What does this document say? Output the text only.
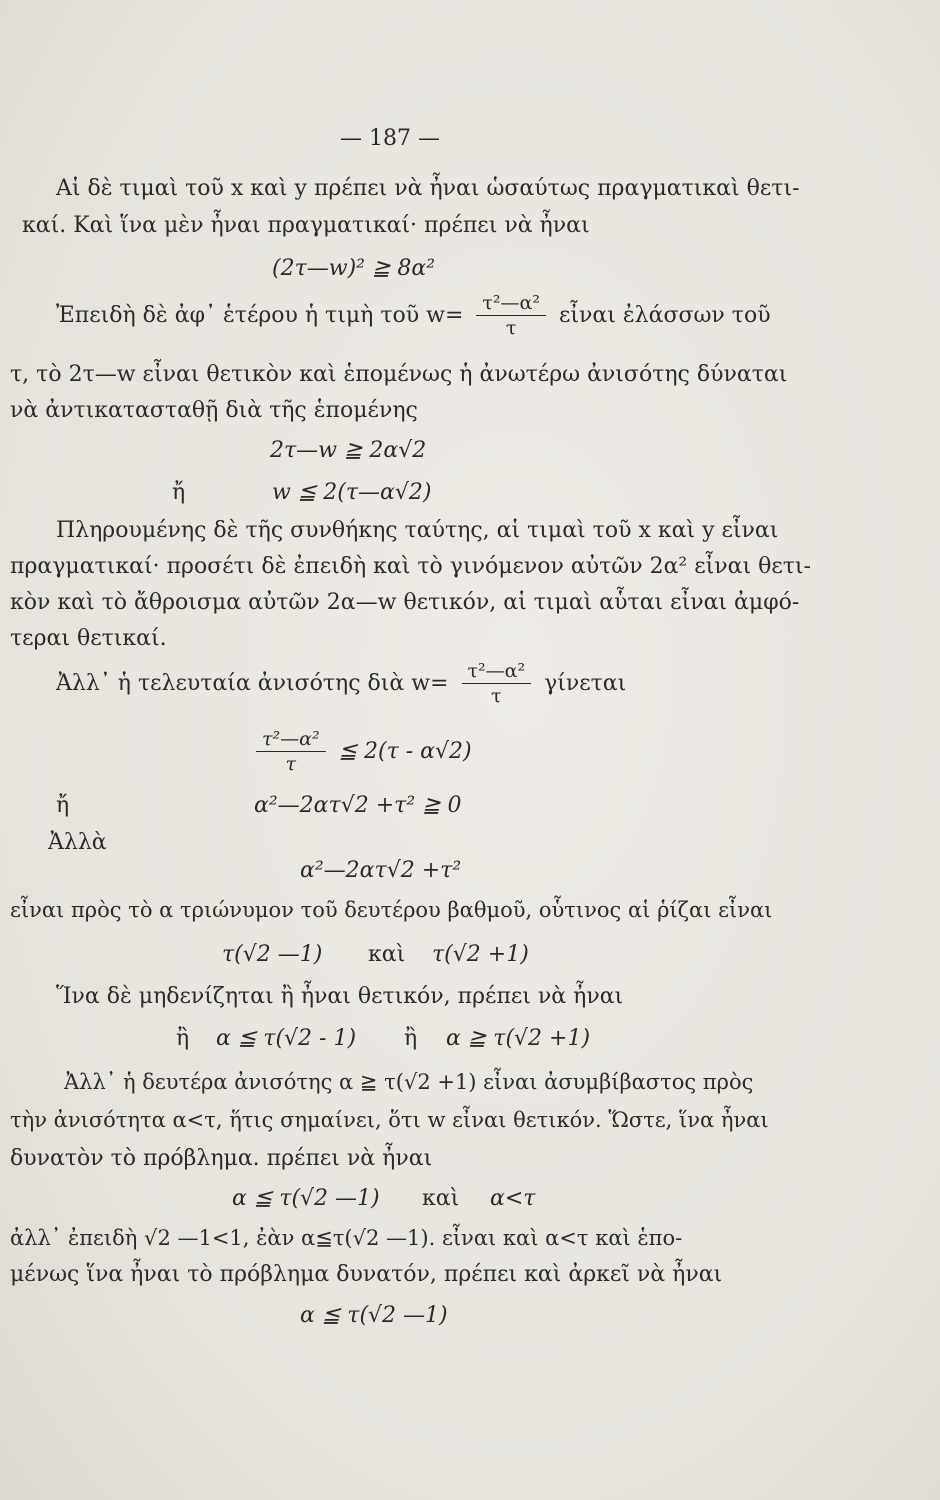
— 187 —
Αἱ δὲ τιμαὶ τοῦ x καὶ y πρέπει νὰ ἦναι ὡσαύτως πραγματικαὶ θετι-
καί. Καὶ ἵνα μὲν ἦναι πραγματικαί· πρέπει νὰ ἦναι
(2τ—w)² ≧ 8α²
Ἐπειδὴ δὲ ἀφ᾽ ἑτέρου ἡ τιμὴ τοῦ $w= \frac{\text{τ²—α²}}{\tau}$ εἶναι ἐλάσσων τοῦ
τ, τὸ 2τ—w εἶναι θετικὸν καὶ ἑπομένως ἡ ἀνωτέρω ἀνισότης δύναται
νὰ ἀντικατασταθῇ διὰ τῆς ἑπομένης
2τ—w ≧ 2α√2
ἤ	w ≦ 2(τ—α√2)
Πληρουμένης δὲ τῆς συνθήκης ταύτης, αἱ τιμαὶ τοῦ x καὶ y εἶναι
πραγματικαί· προσέτι δὲ ἐπειδὴ καὶ τὸ γινόμενον αὐτῶν 2α² εἶναι θετι-
κὸν καὶ τὸ ἄθροισμα αὐτῶν 2α—w θετικόν, αἱ τιμαὶ αὗται εἶναι ἀμφό-
τεραι θετικαί.
Ἀλλ᾽ ἡ τελευταία ἀνισότης διὰ $w= \frac{\text{τ²—α²}}{\tau}$ γίνεται
$\frac{\text{τ²—α²}}{\tau}$ ≦ 2(τ - α√2)
ἤ	α²—2ατ√2 +τ² ≧ 0
Ἀλλὰ
α²—2ατ√2 +τ²
εἶναι πρὸς τὸ α τριώνυμον τοῦ δευτέρου βαθμοῦ, οὗτινος αἱ ῥίζαι εἶναι
τ(√2 —1) καὶ τ(√2 +1)
Ἵνα δὲ μηδενίζηται ἢ ἦναι θετικόν, πρέπει νὰ ἦναι
ἢ α ≦ τ(√2 - 1) ἢ α ≧ τ(√2 +1)
Ἀλλ᾽ ἡ δευτέρα ἀνισότης α ≧ τ(√2 +1) εἶναι ἀσυμβίβαστος πρὸς
τὴν ἀνισότητα α<τ, ἥτις σημαίνει, ὅτι w εἶναι θετικόν. Ὥστε, ἵνα ἦναι
δυνατὸν τὸ πρόβλημα. πρέπει νὰ ἦναι
α ≦ τ(√2 —1) καὶ α<τ
ἀλλ᾽ ἐπειδὴ √2 —1<1, ἐὰν α≦τ(√2 —1). εἶναι καὶ α<τ καὶ ἑπο-
μένως ἵνα ἦναι τὸ πρόβλημα δυνατόν, πρέπει καὶ ἀρκεῖ νὰ ἦναι
α ≦ τ(√2 —1)
